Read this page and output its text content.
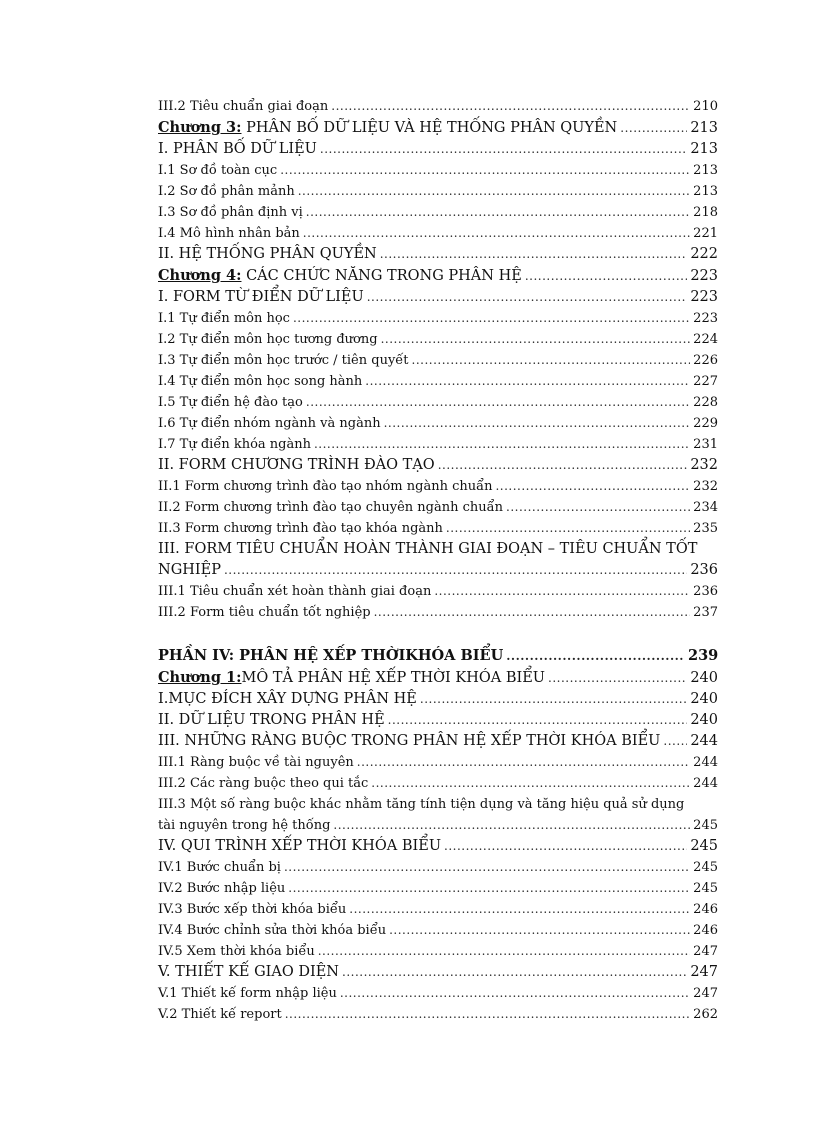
III.2 Tiêu chuẩn giai đoạn .....	210
Chương 3: PHÂN BỐ DỮ LIỆU VÀ HỆ THỐNG PHÂN QUYỀN .....	213
I. PHÂN BỐ DỮ LIỆU .....	213
I.1 Sơ đồ toàn cục .....	213
I.2 Sơ đồ phân mảnh .....	213
I.3 Sơ đồ phân định vị .....	218
I.4 Mô hình nhân bản .....	221
II. HỆ THỐNG PHÂN QUYỀN .....	222
Chương 4: CÁC CHỨC NĂNG TRONG PHÂN HỆ .....	223
I. FORM TỪ ĐIỂN DỮ LIỆU .....	223
I.1 Tự điển môn học .....	223
I.2 Tự điển môn học tương đương .....	224
I.3 Tự điển môn học trước / tiên quyết .....	226
I.4 Tự điển môn học song hành .....	227
I.5 Tự điển hệ đào tạo .....	228
I.6 Tự điển nhóm ngành và ngành .....	229
I.7 Tự điển khóa ngành .....	231
II. FORM CHƯƠNG TRÌNH ĐÀO TẠO .....	232
II.1 Form chương trình đào tạo nhóm ngành chuẩn .....	232
II.2 Form chương trình đào tạo chuyên ngành chuẩn .....	234
II.3 Form chương trình đào tạo khóa ngành .....	235
III. FORM TIÊU CHUẨN HOÀN THÀNH GIAI ĐOẠN – TIÊU CHUẨN TỐT
NGHIỆP .....	236
III.1 Tiêu chuẩn xét hoàn thành giai đoạn .....	236
III.2 Form tiêu chuẩn tốt nghiệp .....	237
PHẦN IV: PHÂN HỆ XẾP THỜIKHÓA BIỂU .....	239
Chương 1:MÔ TẢ PHÂN HỆ XẾP THỜI KHÓA BIỂU .....	240
I.MỤC ĐÍCH XÂY DỰNG PHÂN HỆ .....	240
II. DỮ LIỆU TRONG PHÂN HỆ .....	240
III. NHỮNG RÀNG BUỘC TRONG PHÂN HỆ XẾP THỜI KHÓA BIỂU ..... 244
III.1 Ràng buộc về tài nguyên .....	244
III.2 Các ràng buộc theo qui tắc .....	244
III.3 Một số ràng buộc khác nhằm tăng tính tiện dụng và tăng hiệu quả sử dụng
tài nguyên trong hệ thống .....	245
IV. QUI TRÌNH XẾP THỜI KHÓA BIỂU .....	245
IV.1 Bước chuẩn bị .....	245
IV.2 Bước nhập liệu .....	245
IV.3 Bước xếp thời khóa biểu .....	246
IV.4 Bước chỉnh sửa thời khóa biểu .....	246
IV.5 Xem thời khóa biểu .....	247
V. THIẾT KẾ GIAO DIỆN .....	247
V.1 Thiết kế form nhập liệu .....	247
V.2 Thiết kế report .....	262
